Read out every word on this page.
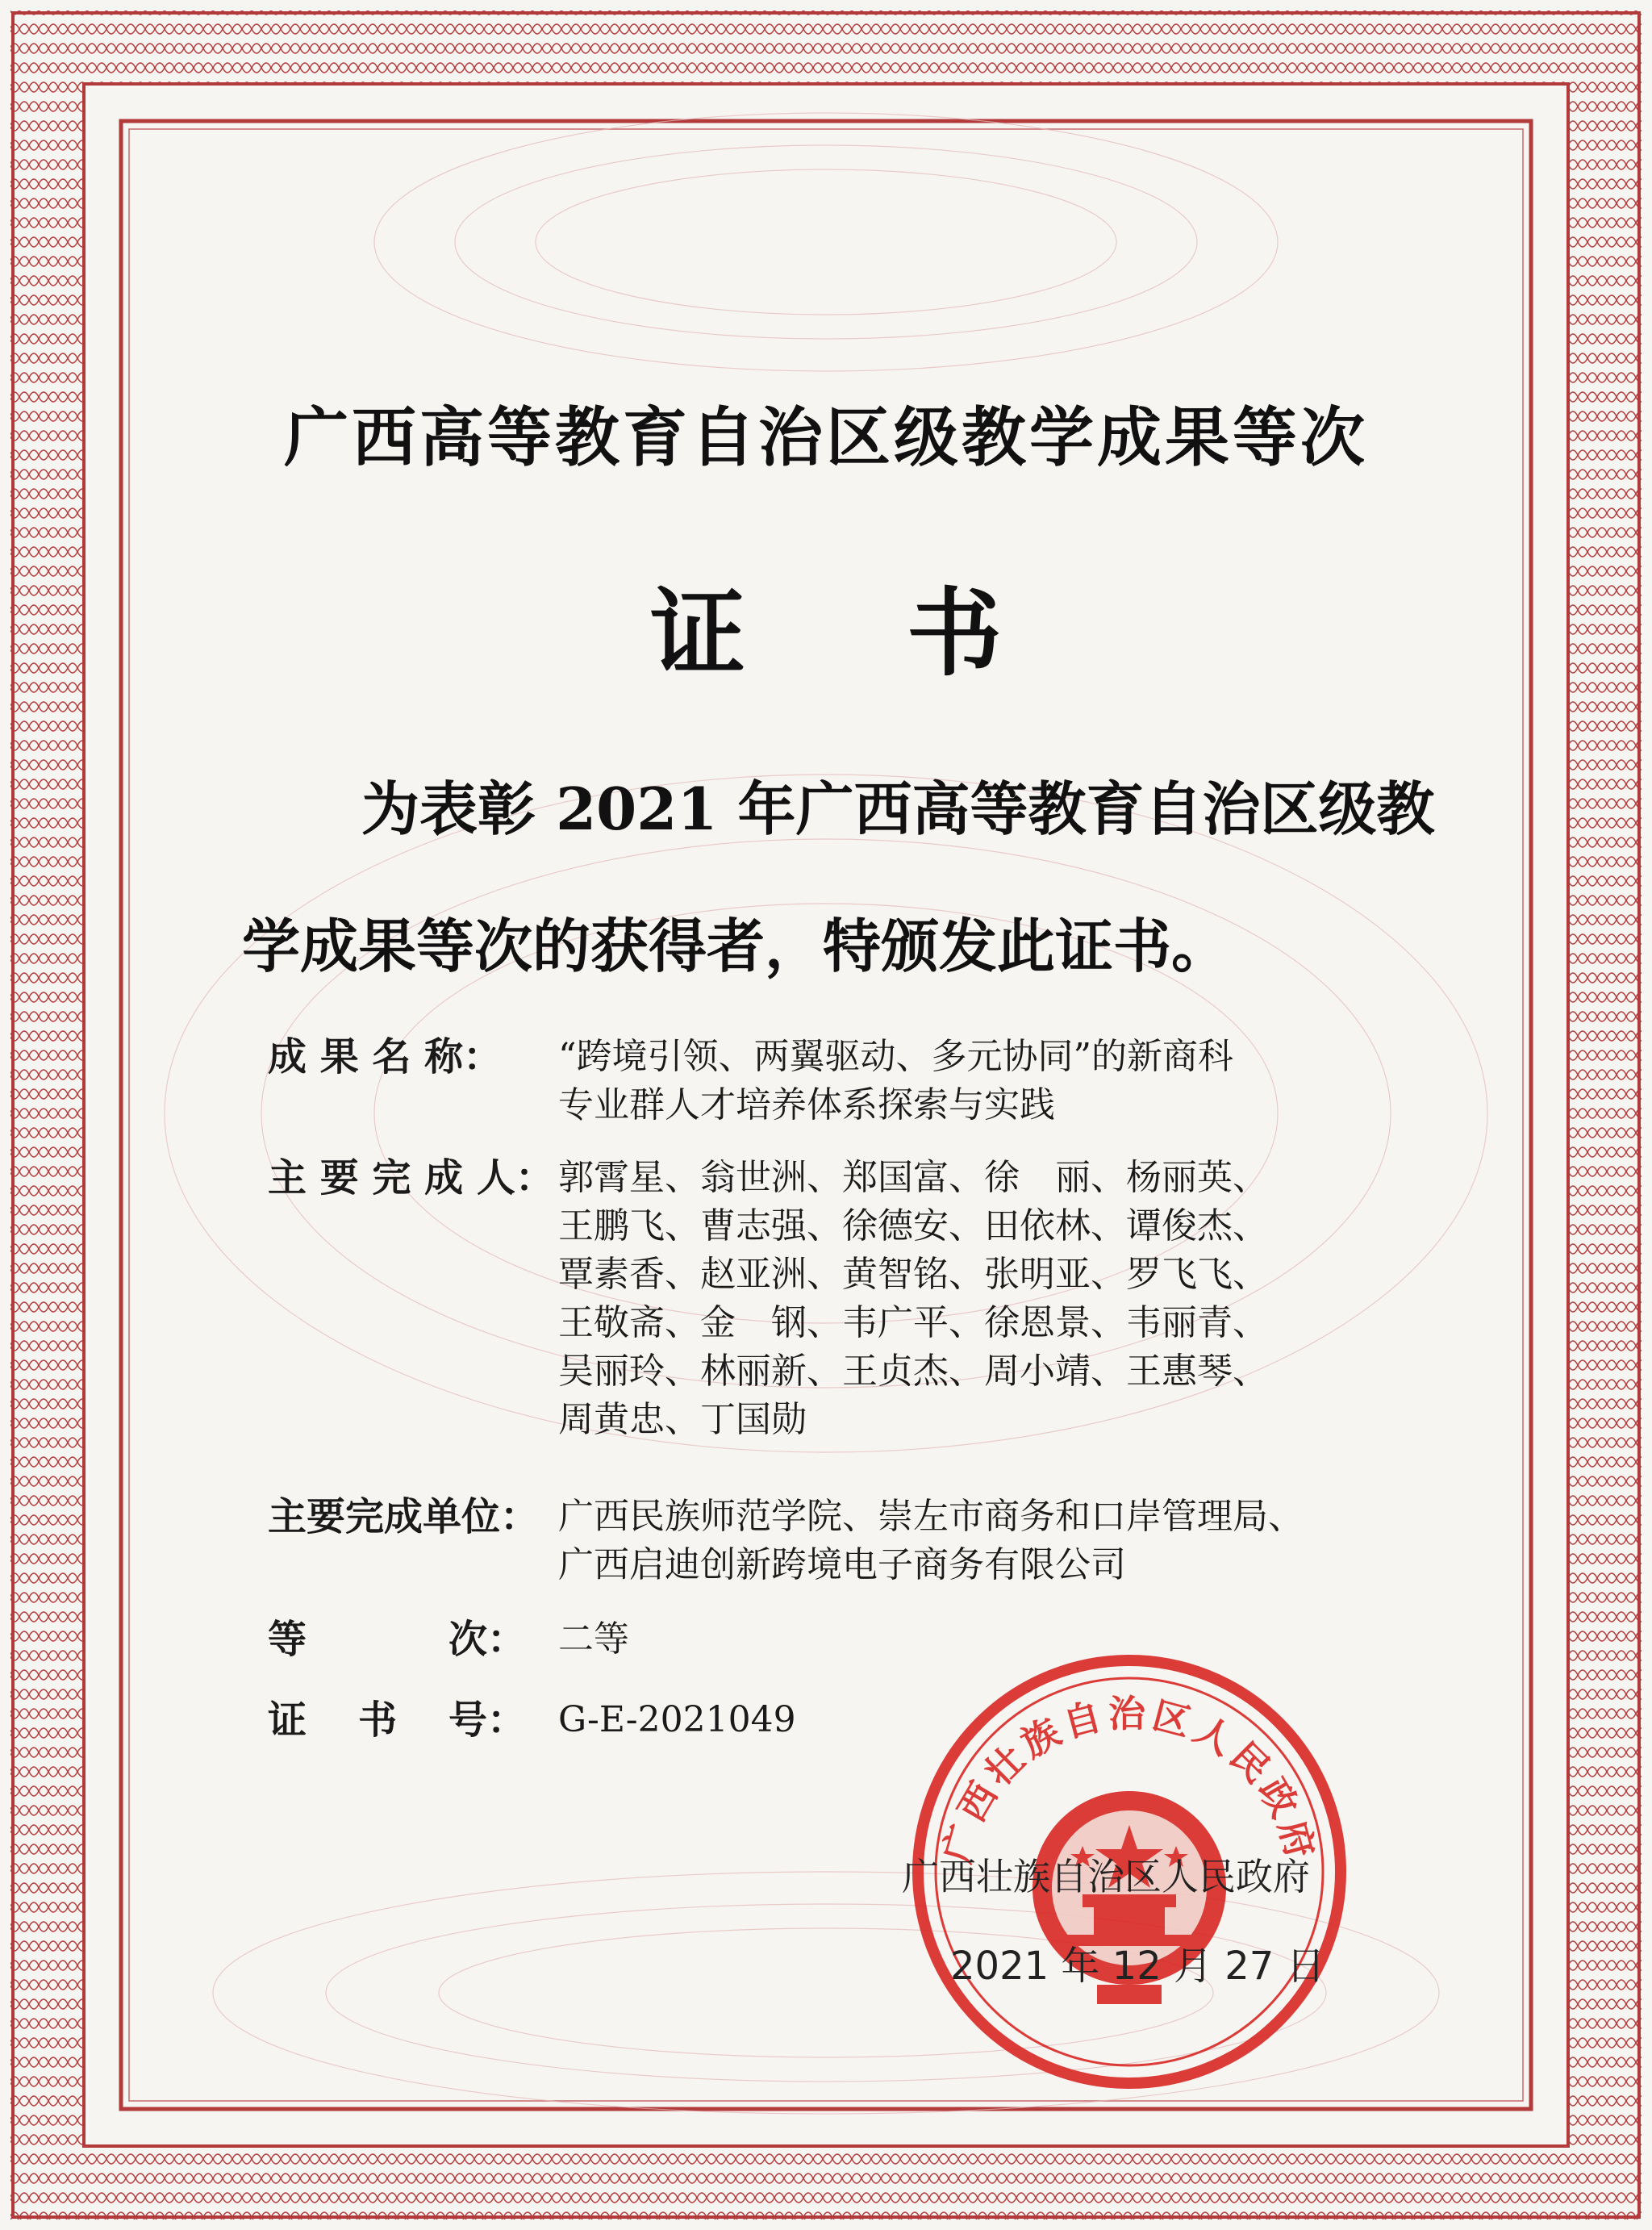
广西高等教育自治区级教学成果等次
证 书
为表彰 2021 年广西高等教育自治区级教
学成果等次的获得者，特颁发此证书。
成 果 名 称：	“跨境引领、两翼驱动、多元协同”的新商科
专业群人才培养体系探索与实践
主 要 完 成 人： 郭霄星、翁世洲、郑国富、徐　丽、杨丽英、
王鹏飞、曹志强、徐德安、田依林、谭俊杰、
覃素香、赵亚洲、黄智铭、张明亚、罗飞飞、
王敬斋、金　钢、韦广平、徐恩景、韦丽青、
吴丽玲、林丽新、王贞杰、周小靖、王惠琴、
周黄忠、丁国勋
主要完成单位： 广西民族师范学院、崇左市商务和口岸管理局、
广西启迪创新跨境电子商务有限公司
等	次： 二等
证 书 号： G-E-2021049
广西壮族自治区人民政府
广西壮族自治区人民政府
2021 年 12 月 27 日
